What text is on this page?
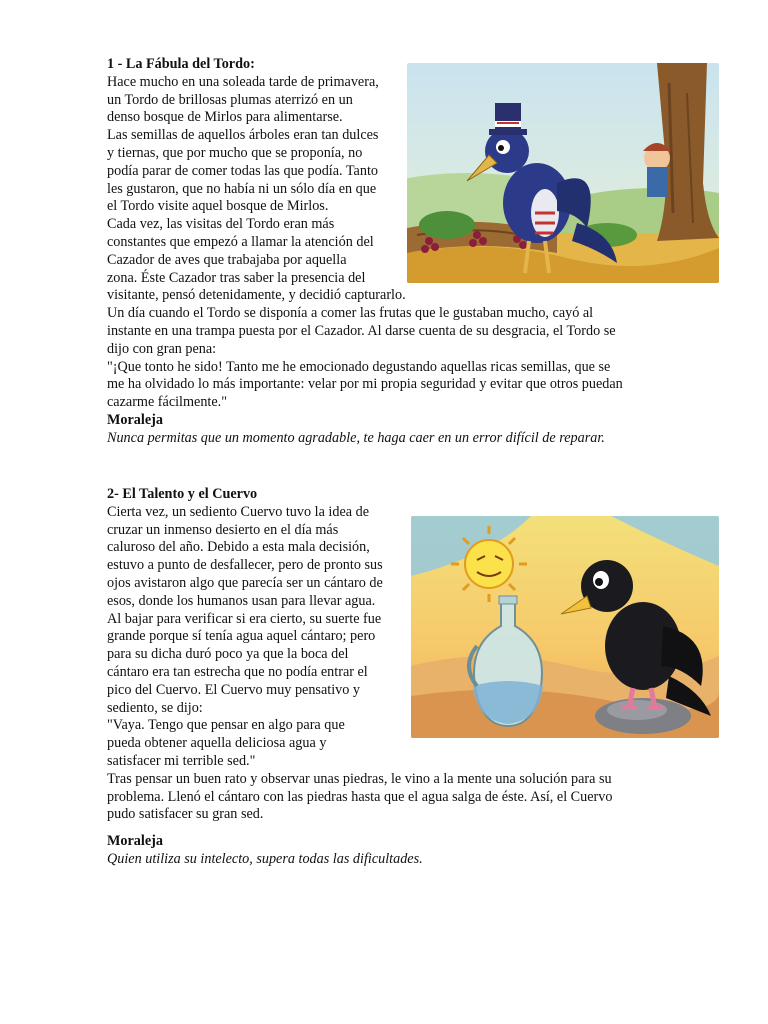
1 - La Fábula del Tordo:
Hace mucho en una soleada tarde de primavera,
un Tordo de brillosas plumas aterrizó en un
denso bosque de Mirlos para alimentarse.
Las semillas de aquellos árboles eran tan dulces
y tiernas, que por mucho que se proponía, no
podía parar de comer todas las que podía. Tanto
les gustaron, que no había ni un sólo día en que
el Tordo visite aquel bosque de Mirlos.
Cada vez, las visitas del Tordo eran más
constantes que empezó a llamar la atención del
Cazador de aves que trabajaba por aquella
zona. Éste Cazador tras saber la presencia del
visitante, pensó detenidamente, y decidió capturarlo.
Un día cuando el Tordo se disponía a comer las frutas que le gustaban mucho, cayó al
instante en una trampa puesta por el Cazador. Al darse cuenta de su desgracia, el Tordo se
dijo con gran pena:
"¡Que tonto he sido! Tanto me he emocionado degustando aquellas ricas semillas, que se
me ha olvidado lo más importante: velar por mi propia seguridad y evitar que otros puedan
cazarme fácilmente."
Moraleja
Nunca permitas que un momento agradable, te haga caer en un error difícil de reparar.
2- El Talento y el Cuervo
Cierta vez, un sediento Cuervo tuvo la idea de
cruzar un inmenso desierto en el día más
caluroso del año. Debido a esta mala decisión,
estuvo a punto de desfallecer, pero de pronto sus
ojos avistaron algo que parecía ser un cántaro de
esos, donde los humanos usan para llevar agua.
Al bajar para verificar si era cierto, su suerte fue
grande porque sí tenía agua aquel cántaro; pero
para su dicha duró poco ya que la boca del
cántaro era tan estrecha que no podía entrar el
pico del Cuervo. El Cuervo muy pensativo y
sediento, se dijo:
"Vaya. Tengo que pensar en algo para que
pueda obtener aquella deliciosa agua y
satisfacer mi terrible sed."
Tras pensar un buen rato y observar unas piedras, le vino a la mente una solución para su
problema. Llenó el cántaro con las piedras hasta que el agua salga de éste. Así, el Cuervo
pudo satisfacer su gran sed.
Moraleja
Quien utiliza su intelecto, supera todas las dificultades.
